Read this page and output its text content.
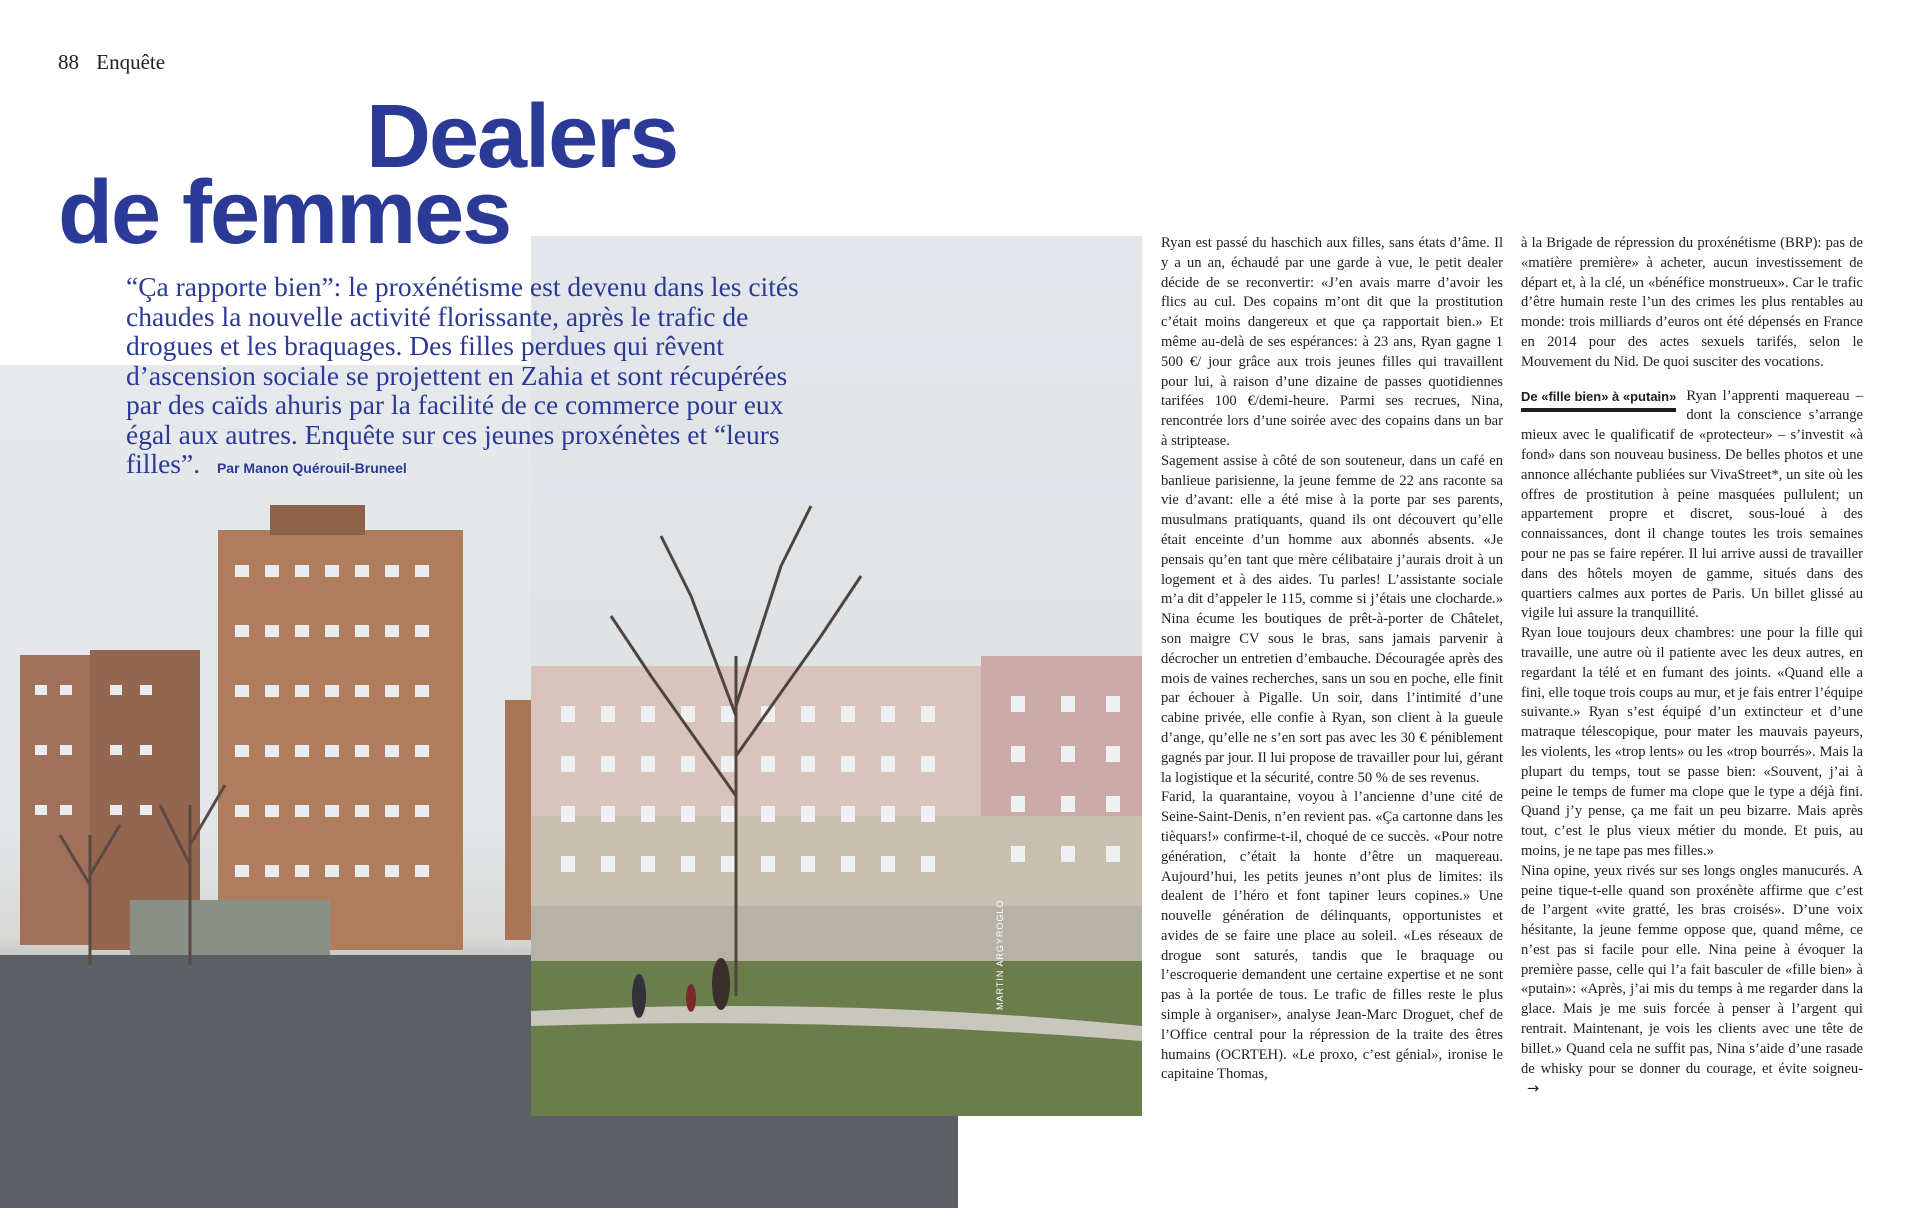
88 Enquête
MARTIN ARGYROGLO
Dealers
de femmes

“Ça rapporte bien”: le proxénétisme est devenu dans les cités chaudes la nouvelle activité florissante, après le trafic de drogues et les braquages. Des filles perdues qui rêvent d’ascension sociale se projettent en Zahia et sont récupérées par des caïds ahuris par la facilité de ce commerce pour eux égal aux autres. Enquête sur ces jeunes proxénètes et “leurs filles”. Par Manon Quérouil-Bruneel

Ryan est passé du haschich aux filles, sans états d’âme. Il y a un an, échaudé par une garde à vue, le petit dealer décide de se reconvertir: «J’en avais marre d’avoir les flics au cul. Des copains m’ont dit que la prostitution c’était moins dangereux et que ça rapportait bien.» Et même au-delà de ses espérances: à 23 ans, Ryan gagne 1 500 €/ jour grâce aux trois jeunes filles qui travaillent pour lui, à raison d’une dizaine de passes quotidiennes tarifées 100 €/demi-heure. Parmi ses recrues, Nina, rencontrée lors d’une soirée avec des copains dans un bar à striptease.

Sagement assise à côté de son souteneur, dans un café en banlieue parisienne, la jeune femme de 22 ans raconte sa vie d’avant: elle a été mise à la porte par ses parents, musulmans pratiquants, quand ils ont découvert qu’elle était enceinte d’un homme aux abonnés absents. «Je pensais qu’en tant que mère célibataire j’aurais droit à un logement et à des aides. Tu parles! L’assistante sociale m’a dit d’appeler le 115, comme si j’étais une clocharde.» Nina écume les boutiques de prêt-à-porter de Châtelet, son maigre CV sous le bras, sans jamais parvenir à décrocher un entretien d’embauche. Découragée après des mois de vaines recherches, sans un sou en poche, elle finit par échouer à Pigalle. Un soir, dans l’intimité d’une cabine privée, elle confie à Ryan, son client à la gueule d’ange, qu’elle ne s’en sort pas avec les 30 € péniblement gagnés par jour. Il lui propose de travailler pour lui, gérant la logistique et la sécurité, contre 50 % de ses revenus.

Farid, la quarantaine, voyou à l’ancienne d’une cité de Seine-Saint-Denis, n’en revient pas. «Ça cartonne dans les tièquars!» confirme-t-il, choqué de ce succès. «Pour notre génération, c’était la honte d’être un maquereau. Aujourd’hui, les petits jeunes n’ont plus de limites: ils dealent de l’héro et font tapiner leurs copines.» Une nouvelle génération de délinquants, opportunistes et avides de se faire une place au soleil. «Les réseaux de drogue sont saturés, tandis que le braquage ou l’escroquerie demandent une certaine expertise et ne sont pas à la portée de tous. Le trafic de filles reste le plus simple à organiser», analyse Jean-Marc Droguet, chef de l’Office central pour la répression de la traite des êtres humains (OCRTEH). «Le proxo, c’est génial», ironise le capitaine Thomas,

à la Brigade de répression du proxénétisme (BRP): pas de «matière première» à acheter, aucun investissement de départ et, à la clé, un «bénéfice monstrueux». Car le trafic d’être humain reste l’un des crimes les plus rentables au monde: trois milliards d’euros ont été dépensés en France en 2014 pour des actes sexuels tarifés, selon le Mouvement du Nid. De quoi susciter des vocations.

De «fille bien» à «putain» Ryan l’apprenti maquereau – dont la conscience s’arrange mieux avec le qualificatif de «protecteur» – s’investit «à fond» dans son nouveau business. De belles photos et une annonce alléchante publiées sur VivaStreet*, un site où les offres de prostitution à peine masquées pullulent; un appartement propre et discret, sous-loué à des connaissances, dont il change toutes les trois semaines pour ne pas se faire repérer. Il lui arrive aussi de travailler dans des hôtels moyen de gamme, situés dans des quartiers calmes aux portes de Paris. Un billet glissé au vigile lui assure la tranquillité.

Ryan loue toujours deux chambres: une pour la fille qui travaille, une autre où il patiente avec les deux autres, en regardant la télé et en fumant des joints. «Quand elle a fini, elle toque trois coups au mur, et je fais entrer l’équipe suivante.» Ryan s’est équipé d’un extincteur et d’une matraque télescopique, pour mater les mauvais payeurs, les violents, les «trop lents» ou les «trop bourrés». Mais la plupart du temps, tout se passe bien: «Souvent, j’ai à peine le temps de fumer ma clope que le type a déjà fini. Quand j’y pense, ça me fait un peu bizarre. Mais après tout, c’est le plus vieux métier du monde. Et puis, au moins, je ne tape pas mes filles.»

Nina opine, yeux rivés sur ses longs ongles manucurés. A peine tique-t-elle quand son proxénète affirme que c’est de l’argent «vite gratté, les bras croisés». D’une voix hésitante, la jeune femme oppose que, quand même, ce n’est pas si facile pour elle. Nina peine à évoquer la première passe, celle qui l’a fait basculer de «fille bien» à «putain»: «Après, j’ai mis du temps à me regarder dans la glace. Mais je me suis forcée à penser à l’argent qui rentrait. Maintenant, je vois les clients avec une tête de billet.» Quand cela ne suffit pas, Nina s’aide d’une rasade de whisky pour se donner du courage, et évite soigneu- →
